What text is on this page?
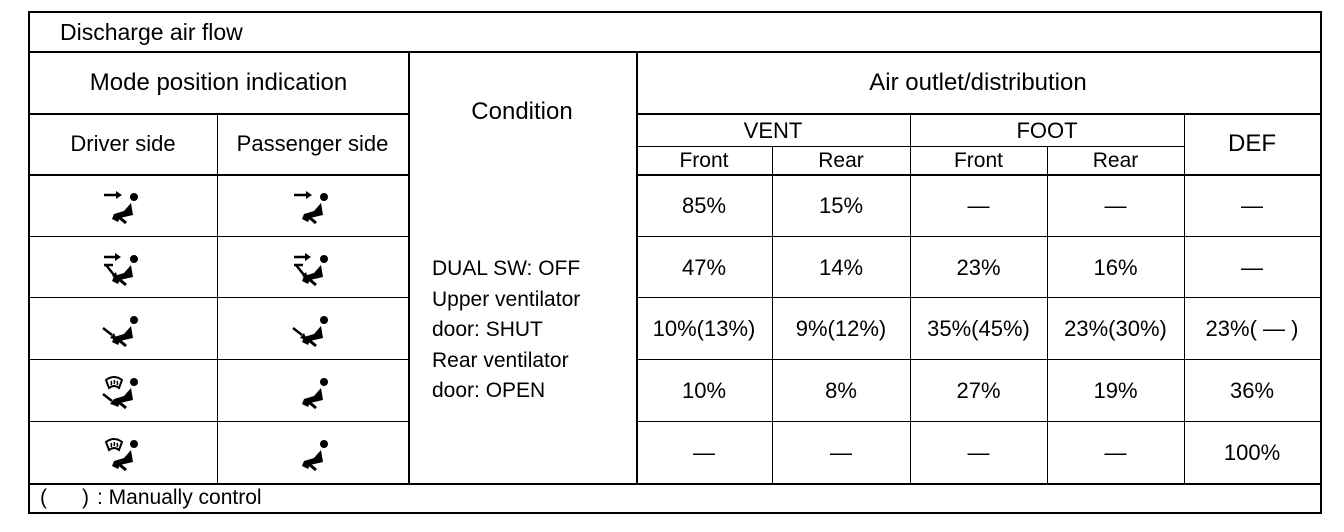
Discharge air flow
Mode position indication
Driver side	Passenger side
Condition
Air outlet/distribution
VENT	FOOT	DEF
Front	Rear	Front	Rear
DUAL SW: OFF
Upper ventilator
door: SHUT
Rear ventilator
door: OPEN
85%	15%	—	—	—
47%	14%	23%	16%	—
10%(13%)	9%(12%)	35%(45%)	23%(30%)	23%( — )
10%	8%	27%	19%	36%
—	—	—	—	100%
(      ) : Manually control
